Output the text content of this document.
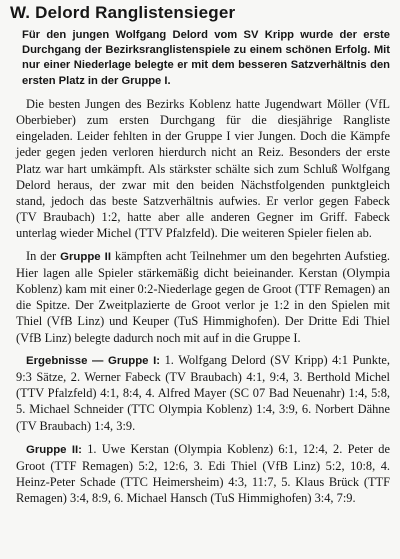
W. Delord Ranglistensieger
Für den jungen Wolfgang Delord vom SV Kripp wurde der erste Durchgang der Bezirksranglistenspiele zu einem schönen Erfolg. Mit nur einer Niederlage belegte er mit dem besseren Satzverhältnis den ersten Platz in der Gruppe I.

Die besten Jungen des Bezirks Koblenz hatte Jugendwart Möller (VfL Oberbieber) zum ersten Durchgang für die diesjährige Rangliste eingeladen. Leider fehlten in der Gruppe I vier Jungen. Doch die Kämpfe jeder gegen jeden verloren hierdurch nicht an Reiz. Besonders der erste Platz war hart umkämpft. Als stärkster schälte sich zum Schluß Wolfgang Delord heraus, der zwar mit den beiden Nächstfolgenden punktgleich stand, jedoch das beste Satzverhältnis aufwies. Er verlor gegen Fabeck (TV Braubach) 1:2, hatte aber alle anderen Gegner im Griff. Fabeck unterlag wieder Michel (TTV Pfalzfeld). Die weiteren Spieler fielen ab.

In der Gruppe II kämpften acht Teilnehmer um den begehrten Aufstieg. Hier lagen alle Spieler stärkemäßig dicht beieinander. Kerstan (Olympia Koblenz) kam mit einer 0:2-Niederlage gegen de Groot (TTF Remagen) an die Spitze. Der Zweitplazierte de Groot verlor je 1:2 in den Spielen mit Thiel (VfB Linz) und Keuper (TuS Himmighofen). Der Dritte Edi Thiel (VfB Linz) belegte dadurch noch mit auf in die Gruppe I.

Ergebnisse — Gruppe I: 1. Wolfgang Delord (SV Kripp) 4:1 Punkte, 9:3 Sätze, 2. Werner Fabeck (TV Braubach) 4:1, 9:4, 3. Berthold Michel (TTV Pfalzfeld) 4:1, 8:4, 4. Alfred Mayer (SC 07 Bad Neuenahr) 1:4, 5:8, 5. Michael Schneider (TTC Olympia Koblenz) 1:4, 3:9, 6. Norbert Dähne (TV Braubach) 1:4, 3:9.

Gruppe II: 1. Uwe Kerstan (Olympia Koblenz) 6:1, 12:4, 2. Peter de Groot (TTF Remagen) 5:2, 12:6, 3. Edi Thiel (VfB Linz) 5:2, 10:8, 4. Heinz-Peter Schade (TTC Heimersheim) 4:3, 11:7, 5. Klaus Brück (TTF Remagen) 3:4, 8:9, 6. Michael Hansch (TuS Himmighofen) 3:4, 7:9.
